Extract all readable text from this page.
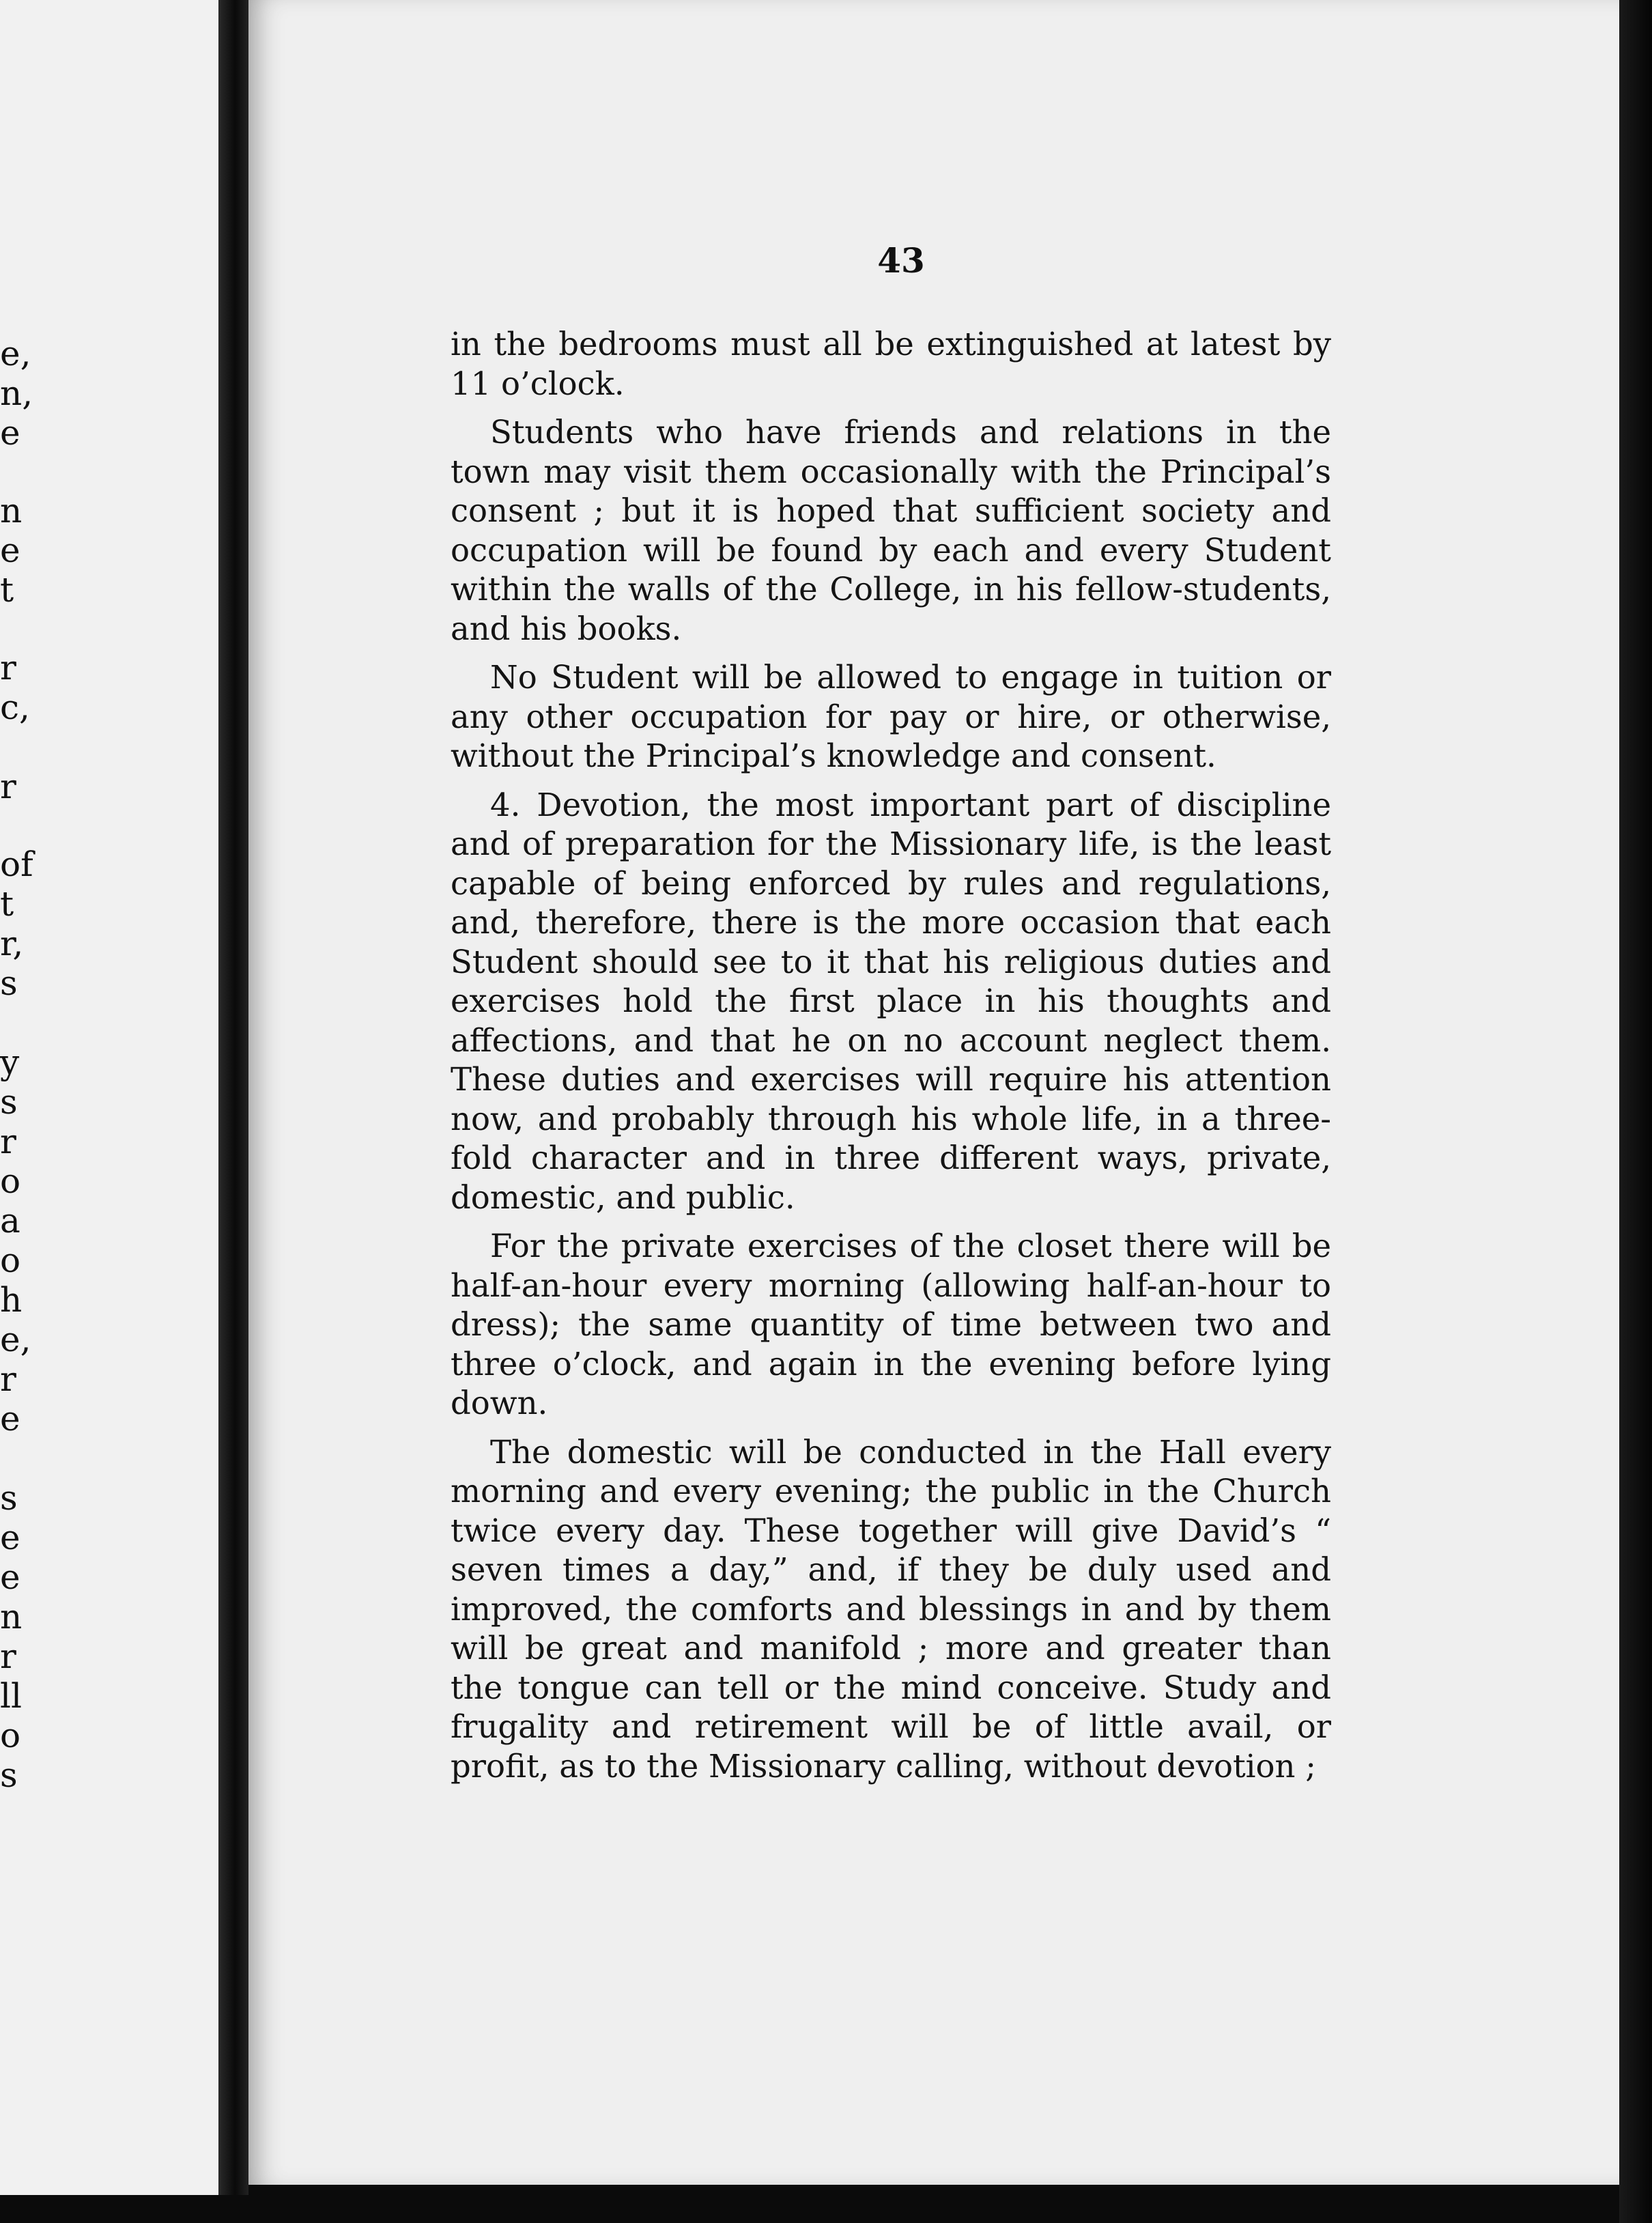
e,

n,

e

n

e

t

r

c,

r

of

t

r,

s

y

s

r

o

a

o

h

e,

r

e

s

e

e

n

r

ll

o

s

43

in the bedrooms must all be extinguished at latest by 11 o’clock.

Students who have friends and relations in the town may visit them occasionally with the Principal’s consent ; but it is hoped that sufficient society and occupation will be found by each and every Student within the walls of the College, in his fellow-students, and his books.

No Student will be allowed to engage in tuition or any other occupation for pay or hire, or otherwise, without the Principal’s knowledge and consent.

4. Devotion, the most important part of discipline and of preparation for the Missionary life, is the least capable of being enforced by rules and regulations, and, therefore, there is the more occasion that each Student should see to it that his religious duties and exercises hold the first place in his thoughts and affections, and that he on no account neglect them. These duties and exercises will require his attention now, and probably through his whole life, in a three-fold character and in three different ways, private, domestic, and public.

For the private exercises of the closet there will be half-an-hour every morning (allowing half-an-hour to dress); the same quantity of time between two and three o’clock, and again in the evening before lying down.

The domestic will be conducted in the Hall every morning and every evening; the public in the Church twice every day. These together will give David’s “ seven times a day,” and, if they be duly used and improved, the comforts and blessings in and by them will be great and manifold ; more and greater than the tongue can tell or the mind conceive. Study and frugality and retirement will be of little avail, or profit, as to the Missionary calling, without devotion ;
